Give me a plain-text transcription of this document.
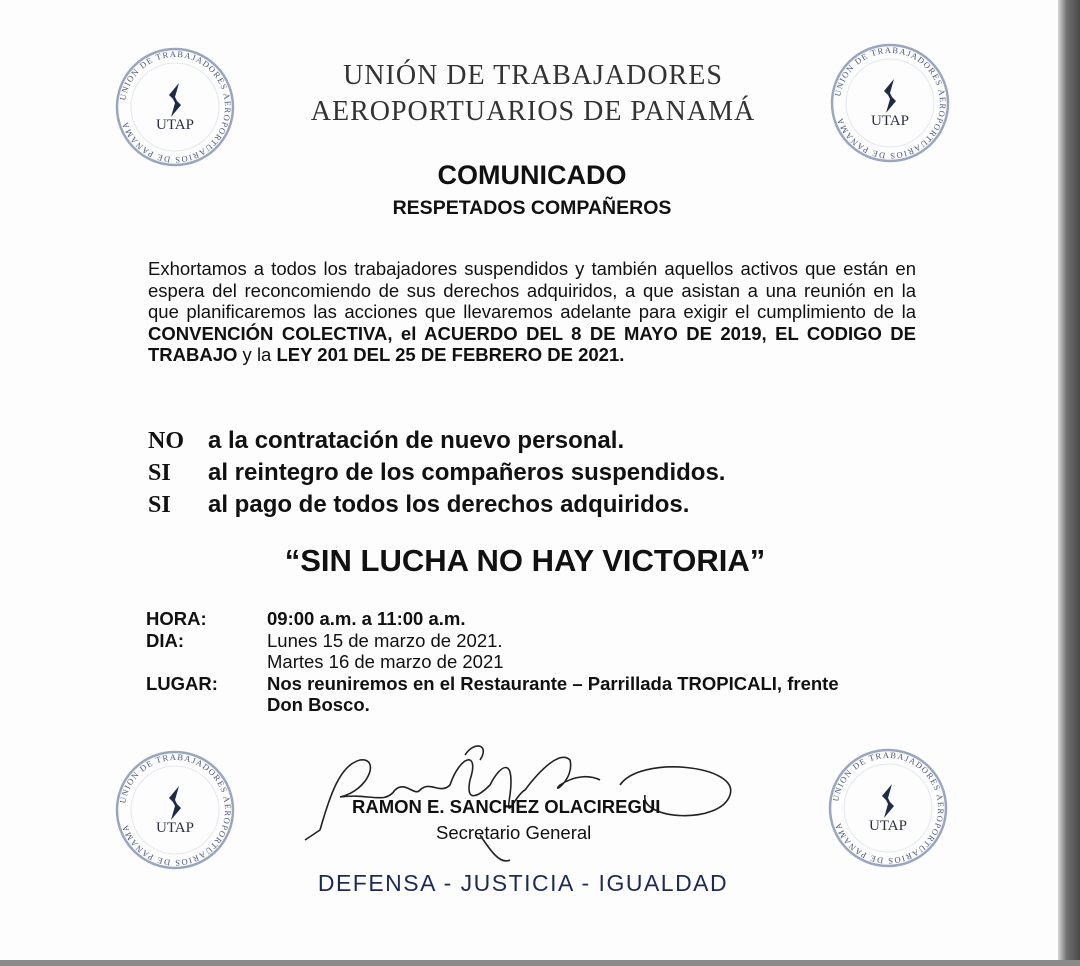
UNION DE TRABAJADORES AEROPORTUARIOS DE PANAMA	UTAP
UNION DE TRABAJADORES AEROPORTUARIOS DE PANAMA	UTAP
UNION DE TRABAJADORES AEROPORTUARIOS DE PANAMA	UTAP
UNION DE TRABAJADORES AEROPORTUARIOS DE PANAMA	UTAP
UNIÓN DE TRABAJADORES
AEROPORTUARIOS DE PANAMÁ
COMUNICADO
RESPETADOS COMPAÑEROS
Exhortamos a todos los trabajadores suspendidos y también aquellos activos que están en espera del reconcomiendo de sus derechos adquiridos, a que asistan a una reunión en la que planificaremos las acciones que llevaremos adelante para exigir el cumplimiento de la CONVENCIÓN COLECTIVA, el ACUERDO DEL 8 DE MAYO DE 2019, EL CODIGO DE TRABAJO y la LEY 201 DEL 25 DE FEBRERO DE 2021.
NO a la contratación de nuevo personal.
SI al reintegro de los compañeros suspendidos.
SI al pago de todos los derechos adquiridos.
“SIN LUCHA NO HAY VICTORIA”
HORA:	09:00 a.m. a 11:00 a.m.
DIA:	Lunes 15 de marzo de 2021.
Martes 16 de marzo de 2021
LUGAR:	Nos reuniremos en el Restaurante – Parrillada TROPICALI, frente
Don Bosco.
RAMON E. SANCHEZ OLACIREGUI
Secretario General
DEFENSA - JUSTICIA - IGUALDAD
